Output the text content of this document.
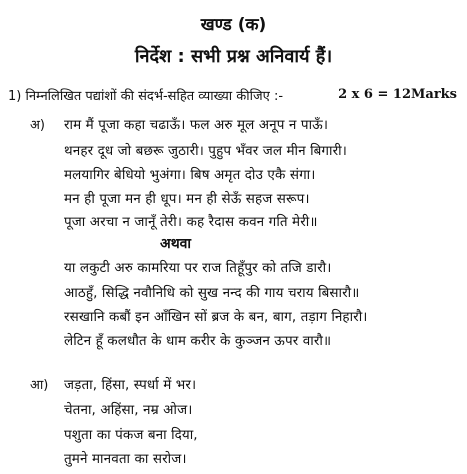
खण्ड (क)
निर्देश : सभी प्रश्न अनिवार्य हैं।
1) निम्नलिखित पद्यांशों की संदर्भ-सहित व्याख्या कीजिए :-	2 x 6 = 12Marks
अ) राम मैं पूजा कहा चढाऊँ। फल अरु मूल अनूप न पाऊँ।
थनहर दूध जो बछरू जुठारी। पुहुप भँवर जल मीन बिगारी।
मलयागिर बेधियो भुअंगा। बिष अमृत दोउ एकै संगा।
मन ही पूजा मन ही धूप। मन ही सेऊँ सहज सरूप।
पूजा अरचा न जानूँ तेरी। कह रैदास कवन गति मेरी॥
अथवा
या लकुटी अरु कामरिया पर राज तिहूँपुर को तजि डारौ।
आठहुँ, सिद्धि नवौनिधि को सुख नन्द की गाय चराय बिसारौ॥
रसखानि कबौं इन आँखिन सों ब्रज के बन, बाग, तड़ाग निहारौ।
लेटिन हूँ कलधौत के धाम करीर के कुञ्जन ऊपर वारौ॥
आ) जड़ता, हिंसा, स्पर्धा में भर।
चेतना, अहिंसा, नम्र ओज।
पशुता का पंकज बना दिया,
तुमने मानवता का सरोज।
